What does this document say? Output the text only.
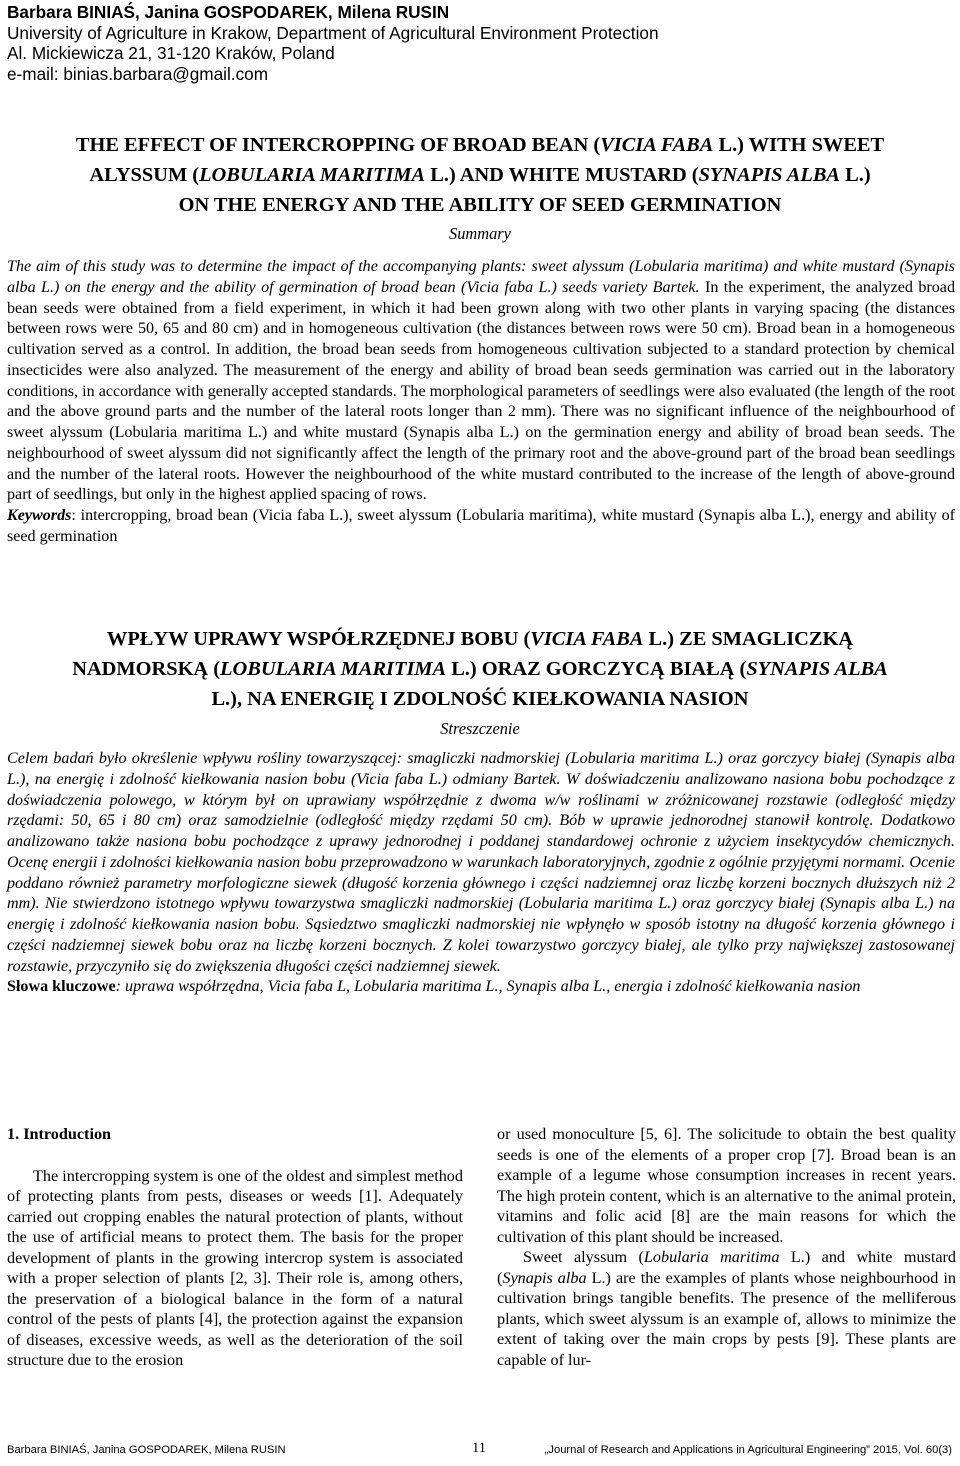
Barbara BINIAŚ, Janina GOSPODAREK, Milena RUSIN
University of Agriculture in Krakow, Department of Agricultural Environment Protection
Al. Mickiewicza 21, 31-120 Kraków, Poland
e-mail: binias.barbara@gmail.com
THE EFFECT OF INTERCROPPING OF BROAD BEAN (VICIA FABA L.) WITH SWEET
ALYSSUM (LOBULARIA MARITIMA L.) AND WHITE MUSTARD (SYNAPIS ALBA L.)
ON THE ENERGY AND THE ABILITY OF SEED GERMINATION
Summary
The aim of this study was to determine the impact of the accompanying plants: sweet alyssum (Lobularia maritima) and white mustard (Synapis alba L.) on the energy and the ability of germination of broad bean (Vicia faba L.) seeds variety Bartek. In the experiment, the analyzed broad bean seeds were obtained from a field experiment, in which it had been grown along with two other plants in varying spacing (the distances between rows were 50, 65 and 80 cm) and in homogeneous cultivation (the distances between rows were 50 cm). Broad bean in a homogeneous cultivation served as a control. In addition, the broad bean seeds from homogeneous cultivation subjected to a standard protection by chemical insecticides were also analyzed. The measurement of the energy and ability of broad bean seeds germination was carried out in the laboratory conditions, in accordance with generally accepted standards. The morphological parameters of seedlings were also evaluated (the length of the root and the above ground parts and the number of the lateral roots longer than 2 mm). There was no significant influence of the neighbourhood of sweet alyssum (Lobularia maritima L.) and white mustard (Synapis alba L.) on the germination energy and ability of broad bean seeds. The neighbourhood of sweet alyssum did not significantly affect the length of the primary root and the above-ground part of the broad bean seedlings and the number of the lateral roots. However the neighbourhood of the white mustard contributed to the increase of the length of above-ground part of seedlings, but only in the highest applied spacing of rows.
Keywords: intercropping, broad bean (Vicia faba L.), sweet alyssum (Lobularia maritima), white mustard (Synapis alba L.), energy and ability of seed germination
WPŁYW UPRAWY WSPÓŁRZĘDNEJ BOBU (VICIA FABA L.) ZE SMAGLICZKĄ
NADMORSKĄ (LOBULARIA MARITIMA L.) ORAZ GORCZYCĄ BIAŁĄ (SYNAPIS ALBA
L.), NA ENERGIĘ I ZDOLNOŚĆ KIEŁKOWANIA NASION
Streszczenie
Celem badań było określenie wpływu rośliny towarzyszącej: smagliczki nadmorskiej (Lobularia maritima L.) oraz gorczycy białej (Synapis alba L.), na energię i zdolność kiełkowania nasion bobu (Vicia faba L.) odmiany Bartek. W doświadczeniu analizowano nasiona bobu pochodzące z doświadczenia polowego, w którym był on uprawiany współrzędnie z dwoma w/w roślinami w zróżnicowanej rozstawie (odległość między rzędami: 50, 65 i 80 cm) oraz samodzielnie (odległość między rzędami 50 cm). Bób w uprawie jednorodnej stanowił kontrolę. Dodatkowo analizowano także nasiona bobu pochodzące z uprawy jednorodnej i poddanej standardowej ochronie z użyciem insektycydów chemicznych. Ocenę energii i zdolności kiełkowania nasion bobu przeprowadzono w warunkach laboratoryjnych, zgodnie z ogólnie przyjętymi normami. Ocenie poddano również parametry morfologiczne siewek (długość korzenia głównego i części nadziemnej oraz liczbę korzeni bocznych dłuższych niż 2 mm). Nie stwierdzono istotnego wpływu towarzystwa smagliczki nadmorskiej (Lobularia maritima L.) oraz gorczycy białej (Synapis alba L.) na energię i zdolność kiełkowania nasion bobu. Sąsiedztwo smagliczki nadmorskiej nie wpłynęło w sposób istotny na długość korzenia głównego i części nadziemnej siewek bobu oraz na liczbę korzeni bocznych. Z kolei towarzystwo gorczycy białej, ale tylko przy największej zastosowanej rozstawie, przyczyniło się do zwiększenia długości części nadziemnej siewek.
Słowa kluczowe: uprawa współrzędna, Vicia faba L, Lobularia maritima L., Synapis alba L., energia i zdolność kiełkowania nasion
1. Introduction

The intercropping system is one of the oldest and simplest method of protecting plants from pests, diseases or weeds [1]. Adequately carried out cropping enables the natural protection of plants, without the use of artificial means to protect them. The basis for the proper development of plants in the growing intercrop system is associated with a proper selection of plants [2, 3]. Their role is, among others, the preservation of a biological balance in the form of a natural control of the pests of plants [4], the protection against the expansion of diseases, excessive weeds, as well as the deterioration of the soil structure due to the erosion

or used monoculture [5, 6]. The solicitude to obtain the best quality seeds is one of the elements of a proper crop [7]. Broad bean is an example of a legume whose consumption increases in recent years. The high protein content, which is an alternative to the animal protein, vitamins and folic acid [8] are the main reasons for which the cultivation of this plant should be increased.

Sweet alyssum (Lobularia maritima L.) and white mustard (Synapis alba L.) are the examples of plants whose neighbourhood in cultivation brings tangible benefits. The presence of the melliferous plants, which sweet alyssum is an example of, allows to minimize the extent of taking over the main crops by pests [9]. These plants are capable of lur-

Barbara BINIAŚ, Janina GOSPODAREK, Milena RUSIN	11	„Journal of Research and Applications in Agricultural Engineering” 2015, Vol. 60(3)
